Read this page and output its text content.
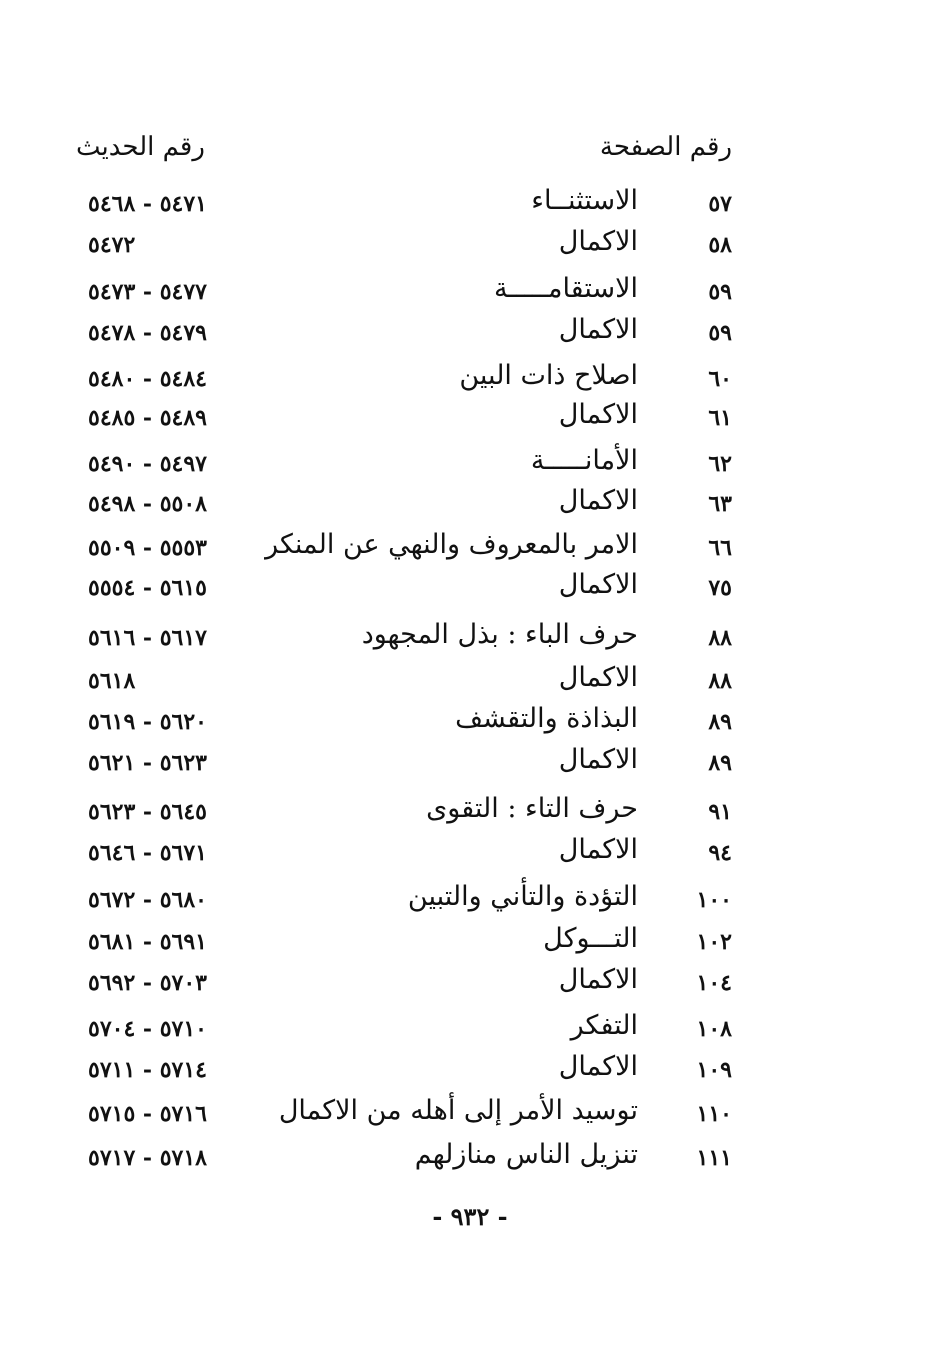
رقم الصفحة
رقم الحديث
٥٧
الاستثنــاء
٥٤٧١ - ٥٤٦٨
٥٨
الاكمال
٥٤٧٢
٥٩
الاستقامـــــة
٥٤٧٧ - ٥٤٧٣
٥٩
الاكمال
٥٤٧٩ - ٥٤٧٨
٦٠
اصلاح ذات البين
٥٤٨٤ - ٥٤٨٠
٦١
الاكمال
٥٤٨٩ - ٥٤٨٥
٦٢
الأمانـــــة
٥٤٩٧ - ٥٤٩٠
٦٣
الاكمال
٥٥٠٨ - ٥٤٩٨
٦٦
الامر بالمعروف والنهي عن المنكر
٥٥٥٣ - ٥٥٠٩
٧٥
الاكمال
٥٦١٥ - ٥٥٥٤
٨٨
حرف الباء : بذل المجهود
٥٦١٧ - ٥٦١٦
٨٨
الاكمال
٥٦١٨
٨٩
البذاذة والتقشف
٥٦٢٠ - ٥٦١٩
٨٩
الاكمال
٥٦٢٣ - ٥٦٢١
٩١
حرف التاء : التقوى
٥٦٤٥ - ٥٦٢٣
٩٤
الاكمال
٥٦٧١ - ٥٦٤٦
١٠٠
التؤدة والتأني والتبين
٥٦٨٠ - ٥٦٧٢
١٠٢
التـــوكل
٥٦٩١ - ٥٦٨١
١٠٤
الاكمال
٥٧٠٣ - ٥٦٩٢
١٠٨
التفكر
٥٧١٠ - ٥٧٠٤
١٠٩
الاكمال
٥٧١٤ - ٥٧١١
١١٠
توسيد الأمر إلى أهله من الاكمال
٥٧١٦ - ٥٧١٥
١١١
تنزيل الناس منازلهم
٥٧١٨ - ٥٧١٧
- ٩٣٢ -
